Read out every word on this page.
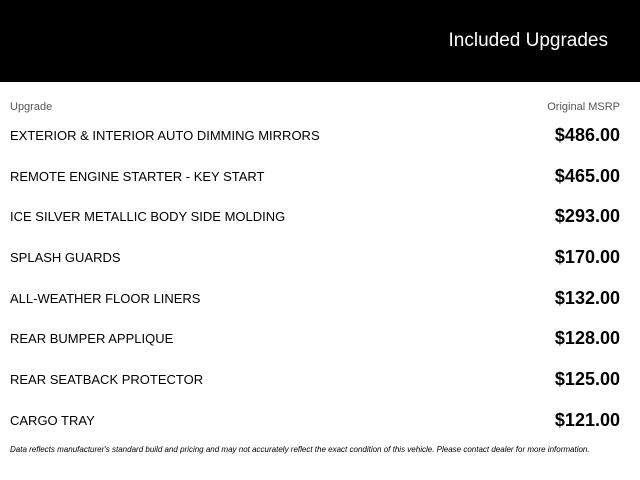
Included Upgrades
Upgrade	Original MSRP
EXTERIOR & INTERIOR AUTO DIMMING MIRRORS	$486.00
REMOTE ENGINE STARTER - KEY START	$465.00
ICE SILVER METALLIC BODY SIDE MOLDING	$293.00
SPLASH GUARDS	$170.00
ALL-WEATHER FLOOR LINERS	$132.00
REAR BUMPER APPLIQUE	$128.00
REAR SEATBACK PROTECTOR	$125.00
CARGO TRAY	$121.00
Data reflects manufacturer's standard build and pricing and may not accurately reflect the exact condition of this vehicle. Please contact dealer for more information.
